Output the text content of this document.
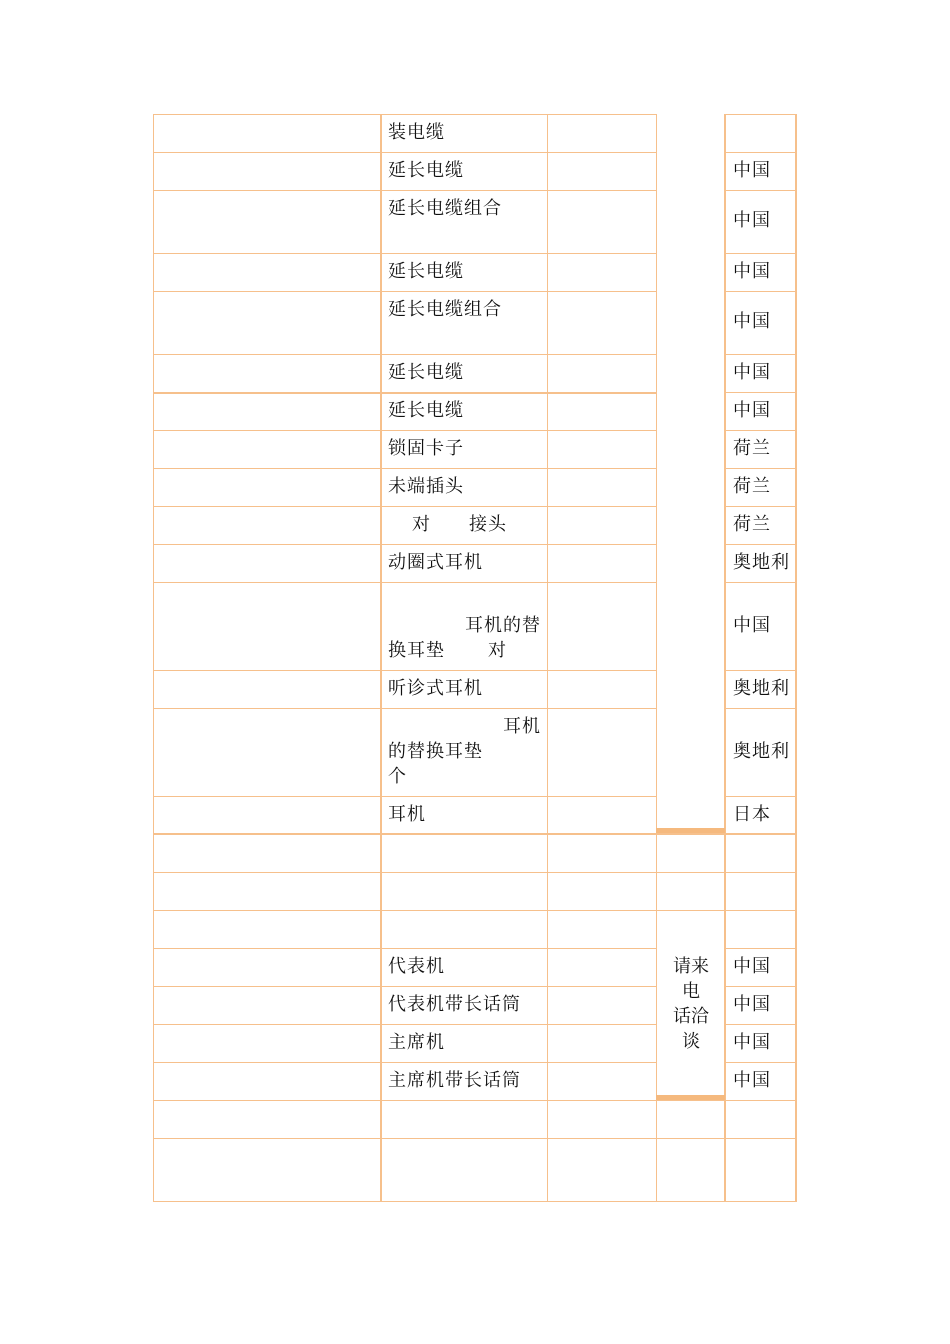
装电缆
延长电缆
延长电缆组合
延长电缆
延长电缆组合
延长电缆
延长电缆
锁固卡子
未端插头
对 接头
动圈式耳机
耳机的替
换耳垫 对
听诊式耳机
耳机
的替换耳垫
个
耳机
代表机
代表机带长话筒
主席机
主席机带长话筒
中国
中国
中国
中国
中国
中国
荷兰
荷兰
荷兰
奥地利
中国
奥地利
奥地利
日本
中国
中国
中国
中国
请来
电
话洽
谈
